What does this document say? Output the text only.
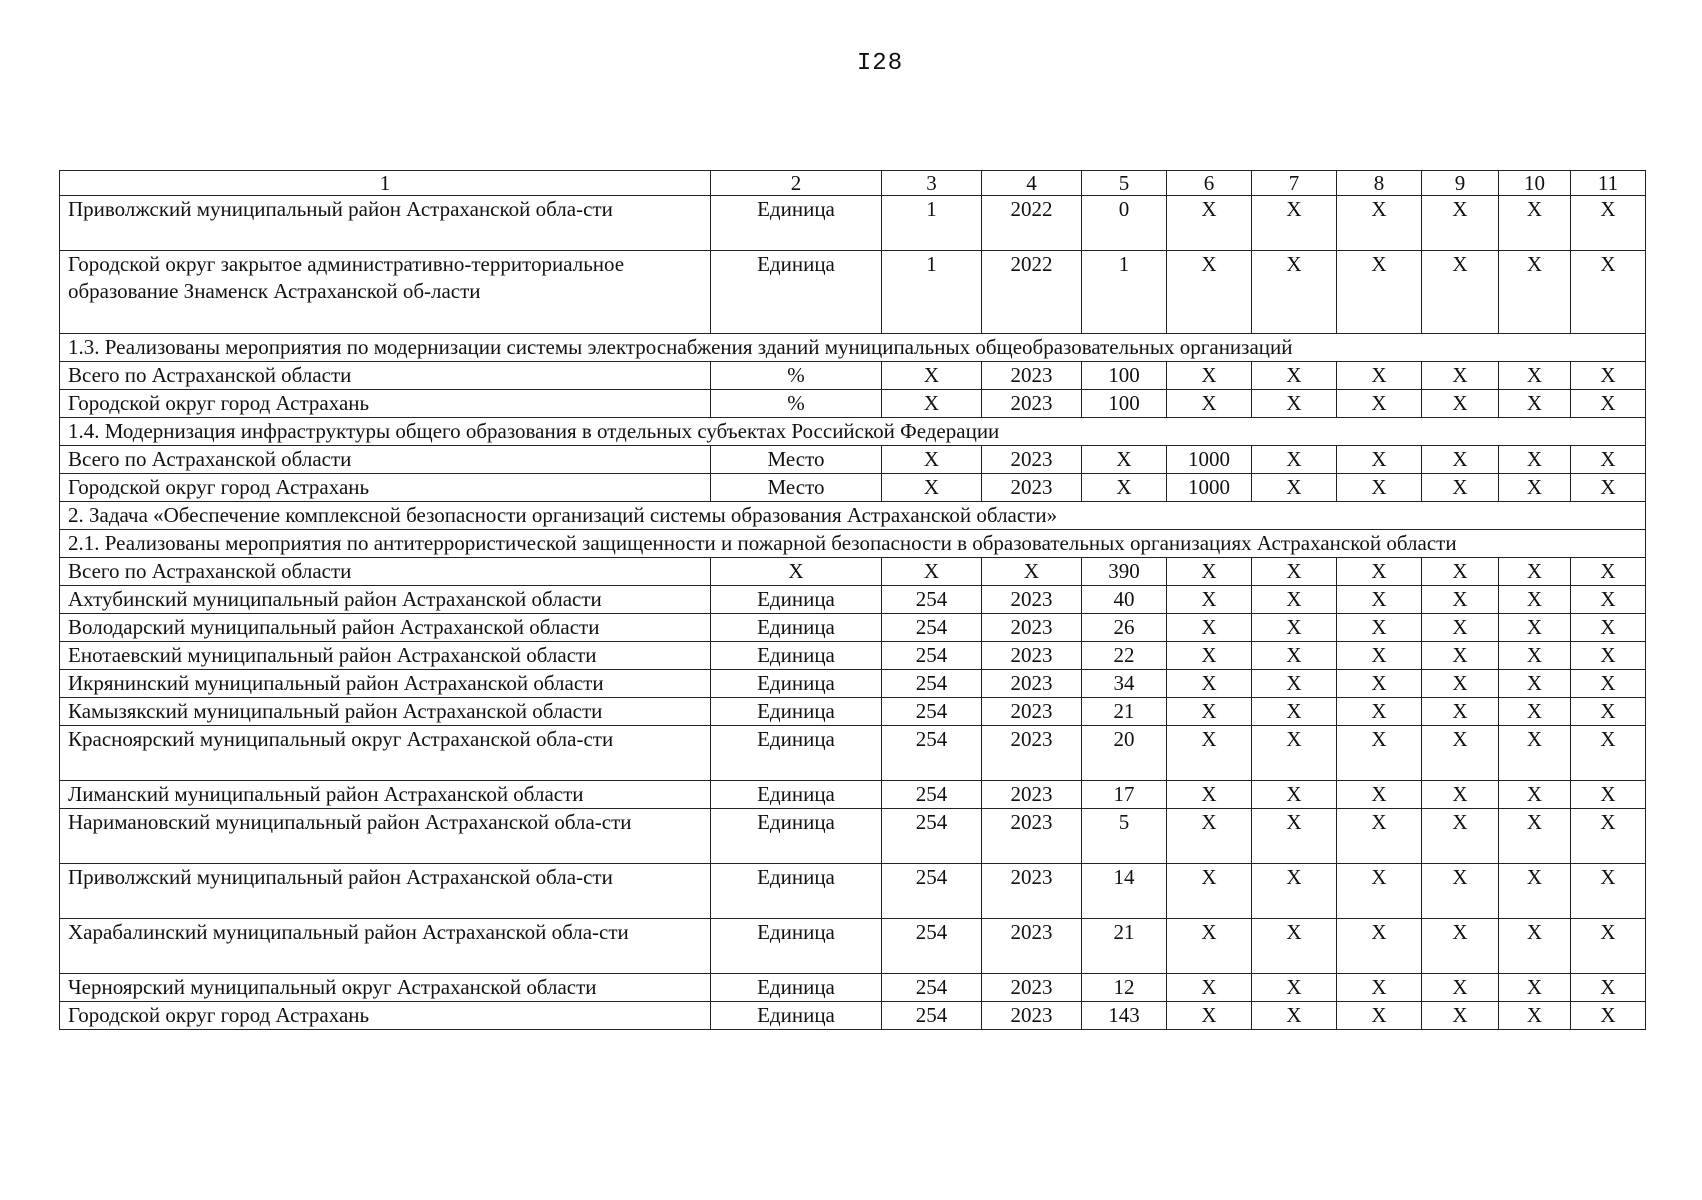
I28
1	2	3	4	5	6	7	8	9	10	11
Приволжский муниципальный район Астраханской обла-сти	Единица	1	2022	0	X	X	X	X	X	X
Городской округ закрытое административно-территориальное образование Знаменск Астраханской об-ласти	Единица	1	2022	1	X	X	X	X	X	X
1.3. Реализованы мероприятия по модернизации системы электроснабжения зданий муниципальных общеобразовательных организаций										
Всего по Астраханской области	%	X	2023	100	X	X	X	X	X	X
Городской округ город Астрахань	%	X	2023	100	X	X	X	X	X	X
1.4. Модернизация инфраструктуры общего образования в отдельных субъектах Российской Федерации										
Всего по Астраханской области	Место	X	2023	X	1000	X	X	X	X	X
Городской округ город Астрахань	Место	X	2023	X	1000	X	X	X	X	X
2. Задача «Обеспечение комплексной безопасности организаций системы образования Астраханской области»										
2.1. Реализованы мероприятия по антитеррористической защищенности и пожарной безопасности в образовательных организациях Астраханской области										
Всего по Астраханской области	X	X	X	390	X	X	X	X	X	X
Ахтубинский муниципальный район Астраханской области	Единица	254	2023	40	X	X	X	X	X	X
Володарский муниципальный район Астраханской области	Единица	254	2023	26	X	X	X	X	X	X
Енотаевский муниципальный район Астраханской области	Единица	254	2023	22	X	X	X	X	X	X
Икрянинский муниципальный район Астраханской области	Единица	254	2023	34	X	X	X	X	X	X
Камызякский муниципальный район Астраханской области	Единица	254	2023	21	X	X	X	X	X	X
Красноярский муниципальный округ Астраханской обла-сти	Единица	254	2023	20	X	X	X	X	X	X
Лиманский муниципальный район Астраханской области	Единица	254	2023	17	X	X	X	X	X	X
Наримановский муниципальный район Астраханской обла-сти	Единица	254	2023	5	X	X	X	X	X	X
Приволжский муниципальный район Астраханской обла-сти	Единица	254	2023	14	X	X	X	X	X	X
Харабалинский муниципальный район Астраханской обла-сти	Единица	254	2023	21	X	X	X	X	X	X
Черноярский муниципальный округ Астраханской области	Единица	254	2023	12	X	X	X	X	X	X
Городской округ город Астрахань	Единица	254	2023	143	X	X	X	X	X	X
